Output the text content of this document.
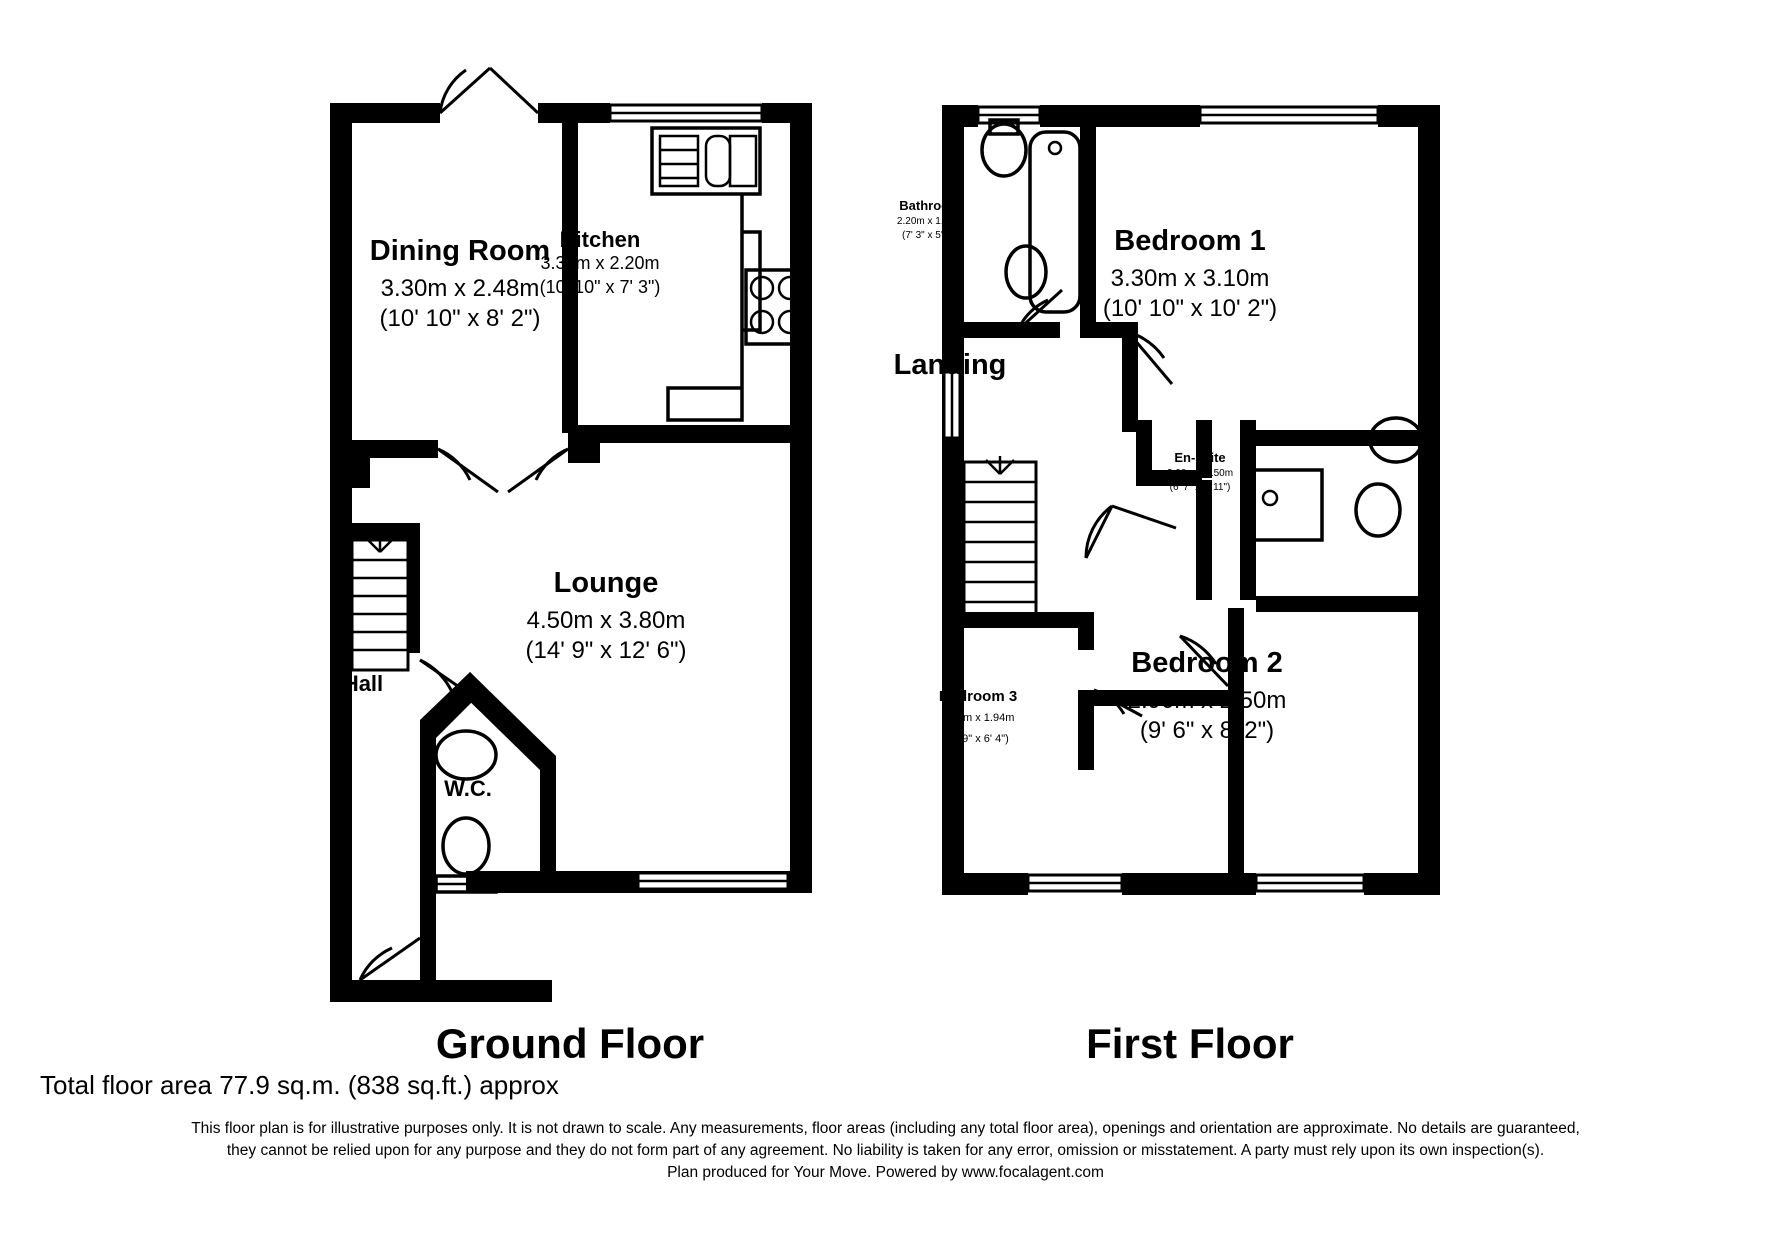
Dining Room
3.30m x 2.48m
(10' 10" x 8' 2")
Kitchen
3.30m x 2.20m
(10' 10" x 7' 3")
Lounge
4.50m x 3.80m
(14' 9" x 12' 6")
Hall
W.C.
Bathroom
2.20m x 1.60m
(7' 3" x 5' 3")	Bedroom 1
3.30m x 3.10m
(10' 10" x 10' 2")
Landing
En-suite
2.00m x 1.50m
(6' 7" x 4' 11")
Bedroom 2
2.90m x 2.50m
(9' 6" x 8' 2")
Bedroom 3
2.36m x 1.94m
(7' 9" x 6' 4")
Ground Floor	First Floor
Total floor area 77.9 sq.m. (838 sq.ft.) approx
This floor plan is for illustrative purposes only. It is not drawn to scale. Any measurements, floor areas (including any total floor area), openings and orientation are approximate. No details are guaranteed,
they cannot be relied upon for any purpose and they do not form part of any agreement. No liability is taken for any error, omission or misstatement. A party must rely upon its own inspection(s).
Plan produced for Your Move. Powered by www.focalagent.com
